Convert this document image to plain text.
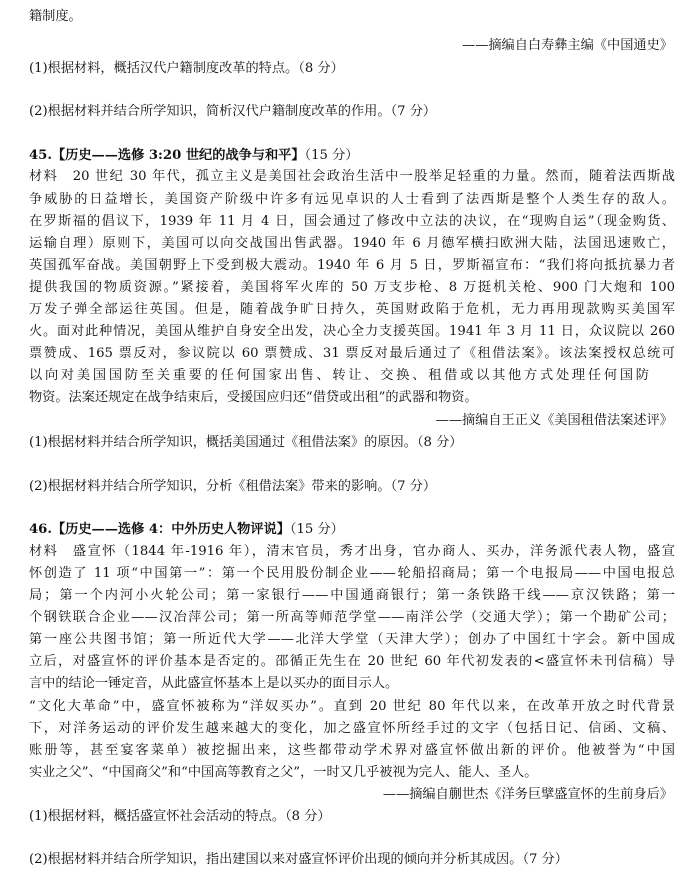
籍制度。
——摘编自白寿彝主编《中国通史》
(1)根据材料，概括汉代户籍制度改革的特点。（8 分）
(2)根据材料并结合所学知识，简析汉代户籍制度改革的作用。（7 分）
45.【历史——选修 3:20 世纪的战争与和平】（15 分）
材料　20 世纪 30 年代，孤立主义是美国社会政治生活中一股举足轻重的力量。然而，随着法西斯战
争威胁的日益增长，美国资产阶级中许多有远见卓识的人士看到了法西斯是整个人类生存的敌人。
在罗斯福的倡议下，1939 年 11 月 4 日，国会通过了修改中立法的决议，在“现购自运”（现金购货、
运输自理）原则下，美国可以向交战国出售武器。1940 年 6 月德军横扫欧洲大陆，法国迅速败亡，
英国孤军奋战。美国朝野上下受到极大震动。1940 年 6 月 5 日，罗斯福宣布：“我们将向抵抗暴力者
提供我国的物质资源。”紧接着，美国将军火库的 50 万支步枪、8 万挺机关枪、900 门大炮和 100
万发子弹全部运往英国。但是，随着战争旷日持久，英国财政陷于危机，无力再用现款购买美国军
火。面对此种情况，美国从维护自身安全出发，决心全力支援英国。1941 年 3 月 11 日，众议院以 260
票赞成、165 票反对，参议院以 60 票赞成、31 票反对最后通过了《租借法案》。该法案授权总统可
以向对美国国防至关重要的任何国家出售、转让、交换、租借或以其他方式处理任何国防
物资。法案还规定在战争结束后，受援国应归还“借贷或出租”的武器和物资。
——摘编自王正义《美国租借法案述评》
(1)根据材料并结合所学知识，概括美国通过《租借法案》的原因。（8 分）
(2)根据材料并结合所学知识，分析《租借法案》带来的影响。（7 分）
46.【历史——选修 4：中外历史人物评说】（15 分）
材料　盛宣怀（1844 年-1916 年），清末官员，秀才出身，官办商人、买办，洋务派代表人物，盛宣
怀创造了 11 项“中国第一”：第一个民用股份制企业——轮船招商局；第一个电报局——中国电报总
局；第一个内河小火轮公司；第一家银行——中国通商银行；第一条铁路干线——京汉铁路；第一
个钢铁联合企业——汉冶萍公司；第一所高等师范学堂——南洋公学（交通大学）；第一个勘矿公司；
第一座公共图书馆；第一所近代大学——北洋大学堂（天津大学）；创办了中国红十字会。新中国成
立后，对盛宣怀的评价基本是否定的。邵循正先生在 20 世纪 60 年代初发表的<盛宣怀未刊信稿）导
言中的结论一锤定音，从此盛宣怀基本上是以买办的面目示人。
“文化大革命”中，盛宣怀被称为“洋奴买办”。直到 20 世纪 80 年代以来，在改革开放之时代背景
下，对洋务运动的评价发生越来越大的变化，加之盛宣怀所经手过的文字（包括日记、信函、文稿、
账册等，甚至宴客菜单）被挖掘出来，这些都带动学术界对盛宣怀做出新的评价。他被誉为“中国
实业之父”、“中国商父”和“中国高等教育之父”，一时又几乎被视为完人、能人、圣人。
——摘编自蒯世杰《洋务巨擘盛宣怀的生前身后》
(1)根据材料，概括盛宣怀社会活动的特点。（8 分）
(2)根据材料并结合所学知识，指出建国以来对盛宣怀评价出现的倾向并分析其成因。（7 分）
